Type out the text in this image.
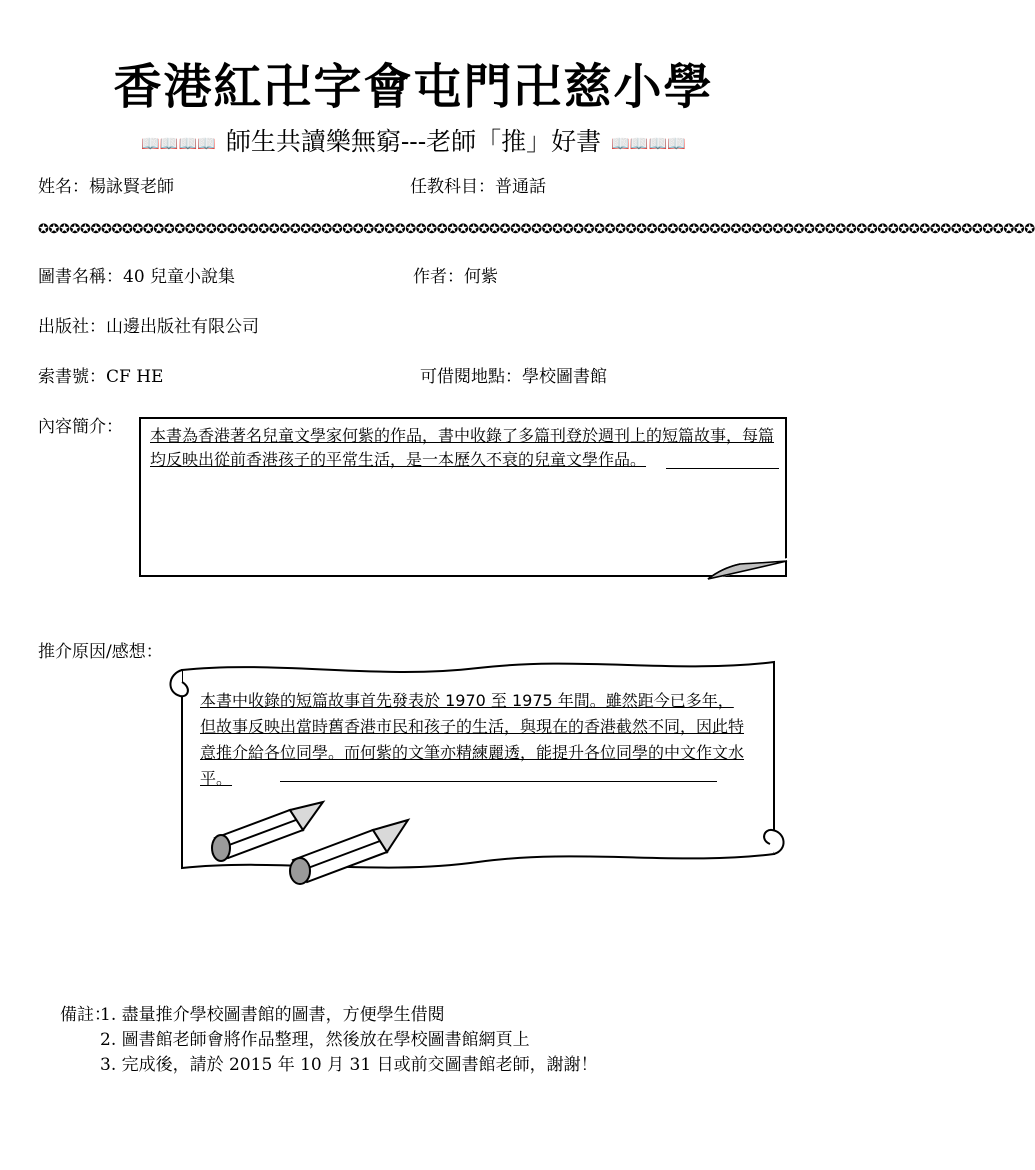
香港紅卍字會屯門卍慈小學
📖📖📖📖 師生共讀樂無窮---老師「推」好書 📖📖📖📖
姓名：楊詠賢老師	任教科目：普通話
✪✪✪✪✪✪✪✪✪✪✪✪✪✪✪✪✪✪✪✪✪✪✪✪✪✪✪✪✪✪✪✪✪✪✪✪✪✪✪✪✪✪✪✪✪✪✪✪✪✪✪✪✪✪✪✪✪✪✪✪✪✪✪✪✪✪✪✪✪✪✪✪✪✪✪✪✪✪✪✪✪✪✪✪✪✪✪✪✪✪✪✪✪✪✪
圖書名稱：40 兒童小說集	作者：何紫
出版社：山邊出版社有限公司
索書號：CF HE	可借閱地點：學校圖書館
內容簡介： 本書為香港著名兒童文學家何紫的作品，書中收錄了多篇刊登於週刊上的短篇故事，每篇均反映出從前香港孩子的平常生活，是一本歷久不衰的兒童文學作品。
推介原因/感想：
本書中收錄的短篇故事首先發表於 1970 至 1975 年間。雖然距今已多年，但故事反映出當時舊香港市民和孩子的生活，與現在的香港截然不同，因此特意推介給各位同學。而何紫的文筆亦精練麗透，能提升各位同學的中文作文水平。
備註：
1. 盡量推介學校圖書館的圖書，方便學生借閱
2. 圖書館老師會將作品整理，然後放在學校圖書館網頁上
3. 完成後，請於 2015 年 10 月 31 日或前交圖書館老師，謝謝！
